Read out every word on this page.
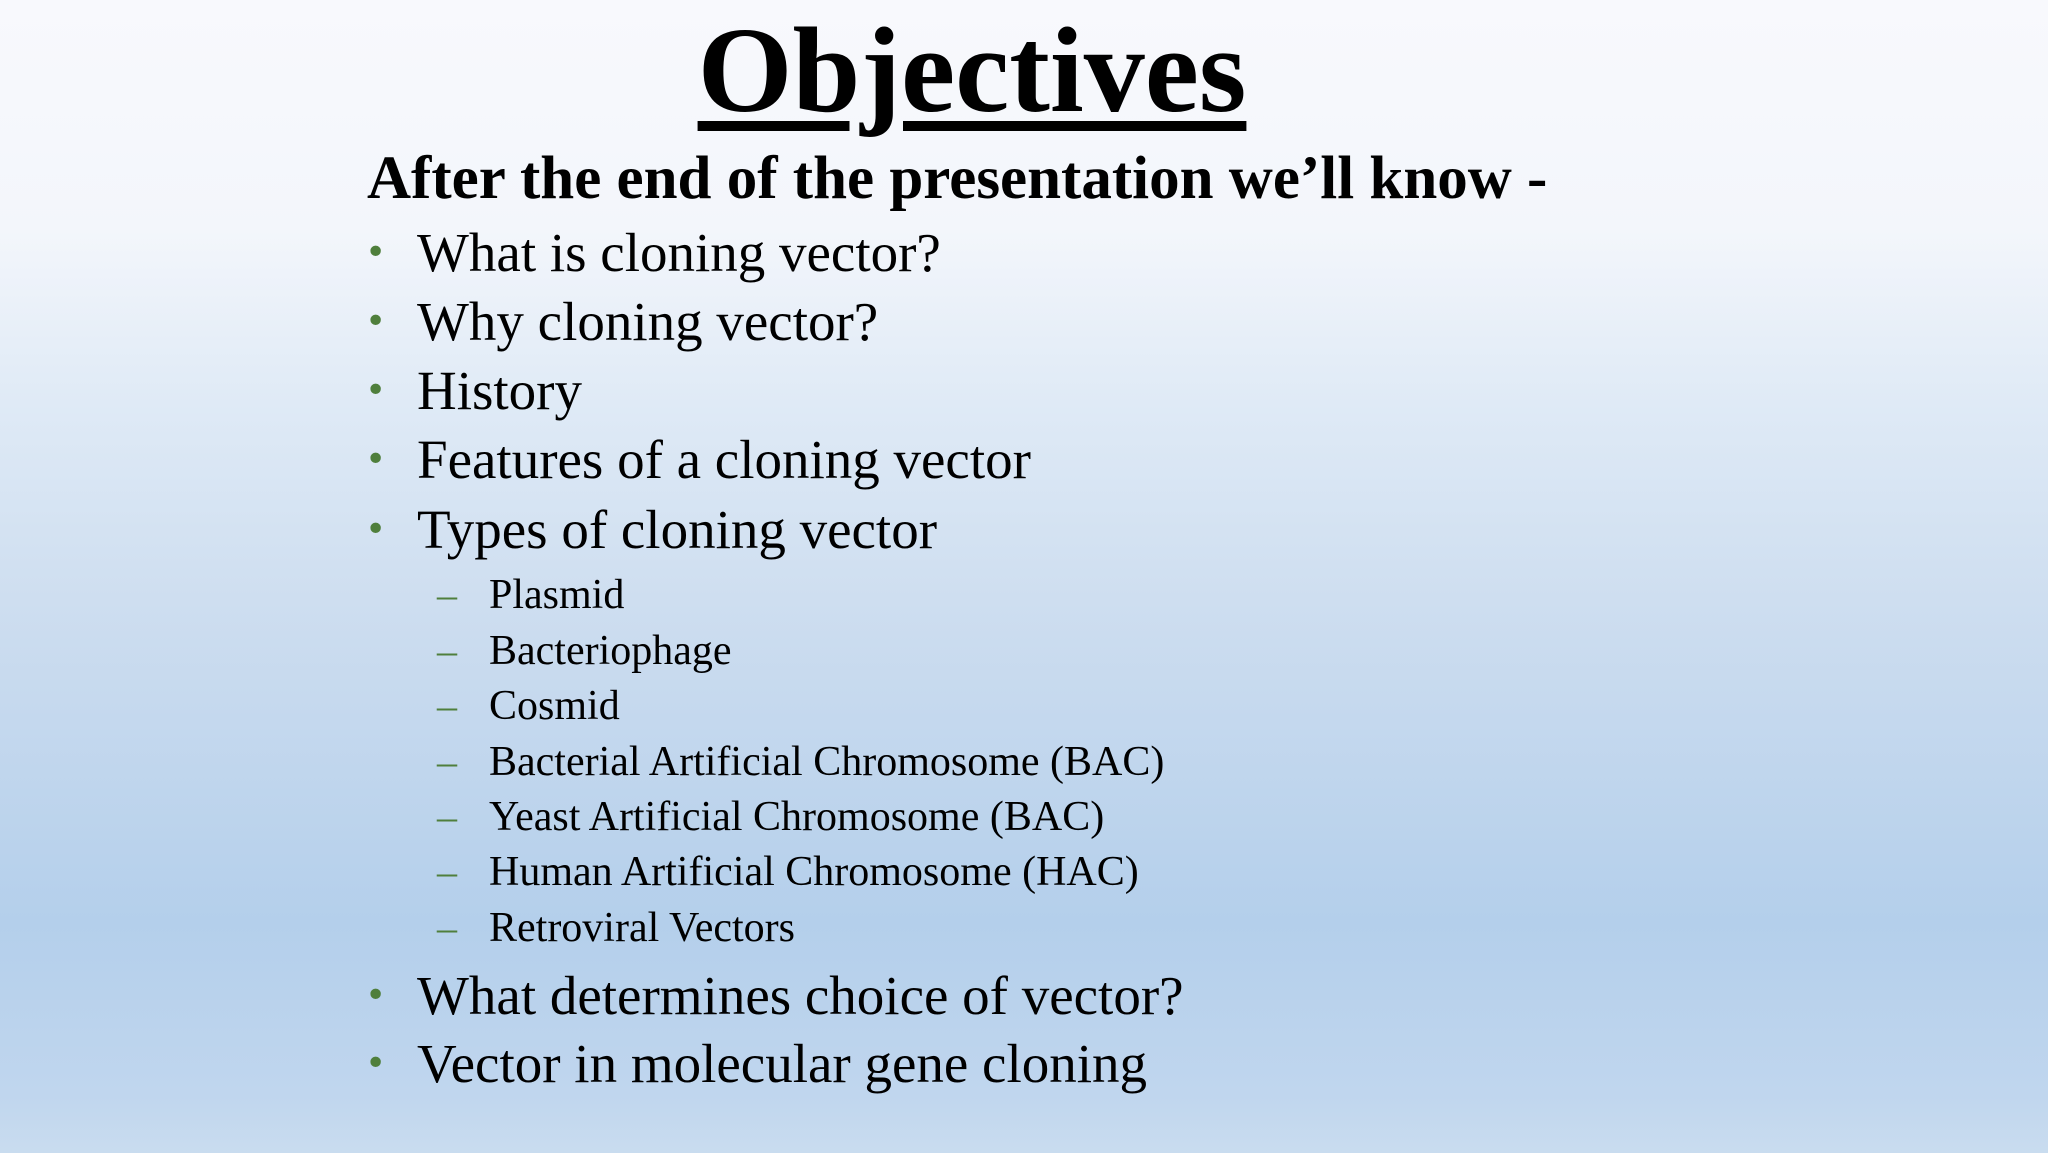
Objectives

After the end of the presentation we’ll know -

• What is cloning vector?
• Why cloning vector?
• History
• Features of a cloning vector
• Types of cloning vector
– Plasmid
– Bacteriophage
– Cosmid
– Bacterial Artificial Chromosome (BAC)
– Yeast Artificial Chromosome (BAC)
– Human Artificial Chromosome (HAC)
– Retroviral Vectors
• What determines choice of vector?
• Vector in molecular gene cloning
